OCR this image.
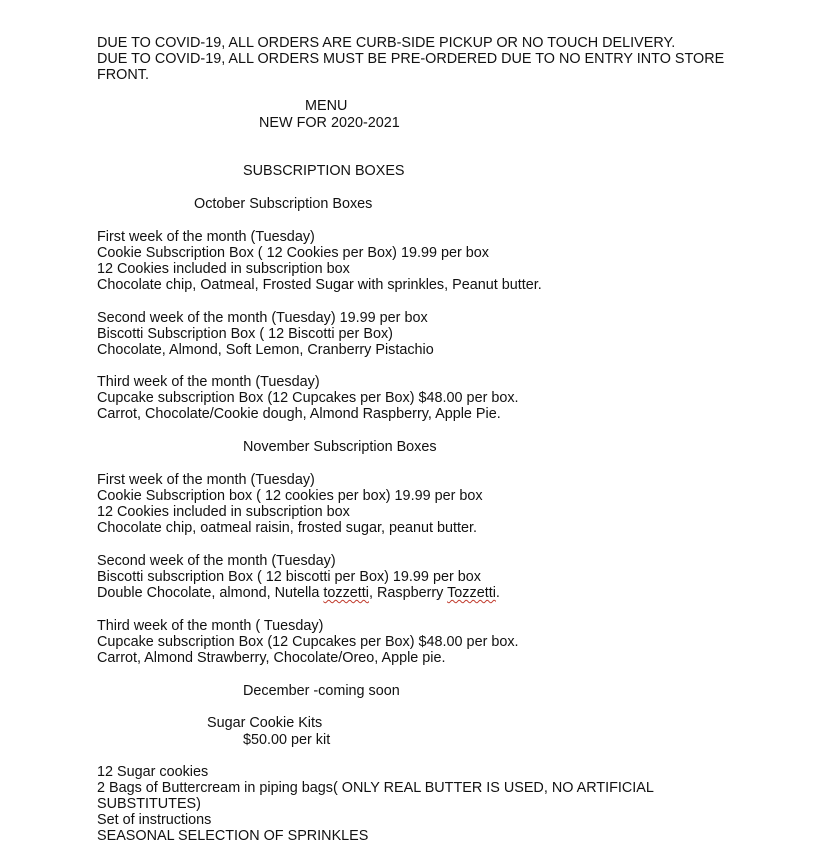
DUE TO COVID-19, ALL ORDERS ARE CURB-SIDE PICKUP OR NO TOUCH DELIVERY.

DUE TO COVID-19, ALL ORDERS MUST BE PRE-ORDERED DUE TO NO ENTRY INTO STORE

FRONT.

MENU

NEW FOR 2020-2021

SUBSCRIPTION BOXES

October Subscription Boxes

First week of the month (Tuesday)

Cookie Subscription Box ( 12 Cookies per Box) 19.99 per box

12 Cookies included in subscription box

Chocolate chip, Oatmeal, Frosted Sugar with sprinkles, Peanut butter.

Second week of the month (Tuesday) 19.99 per box

Biscotti Subscription Box ( 12 Biscotti per Box)

Chocolate, Almond, Soft Lemon, Cranberry Pistachio

Third week of the month (Tuesday)

Cupcake subscription Box (12 Cupcakes per Box) $48.00 per box.

Carrot, Chocolate/Cookie dough, Almond Raspberry, Apple Pie.

November Subscription Boxes

First week of the month (Tuesday)

Cookie Subscription box ( 12 cookies per box) 19.99 per box

12 Cookies included in subscription box

Chocolate chip, oatmeal raisin, frosted sugar, peanut butter.

Second week of the month (Tuesday)

Biscotti subscription Box ( 12 biscotti per Box) 19.99 per box

Double Chocolate, almond, Nutella tozzetti, Raspberry Tozzetti.

Third week of the month ( Tuesday)

Cupcake subscription Box (12 Cupcakes per Box) $48.00 per box.

Carrot, Almond Strawberry, Chocolate/Oreo, Apple pie.

December -coming soon

Sugar Cookie Kits

$50.00 per kit

12 Sugar cookies

2 Bags of Buttercream in piping bags( ONLY REAL BUTTER IS USED, NO ARTIFICIAL

SUBSTITUTES)

Set of instructions

SEASONAL SELECTION OF SPRINKLES
